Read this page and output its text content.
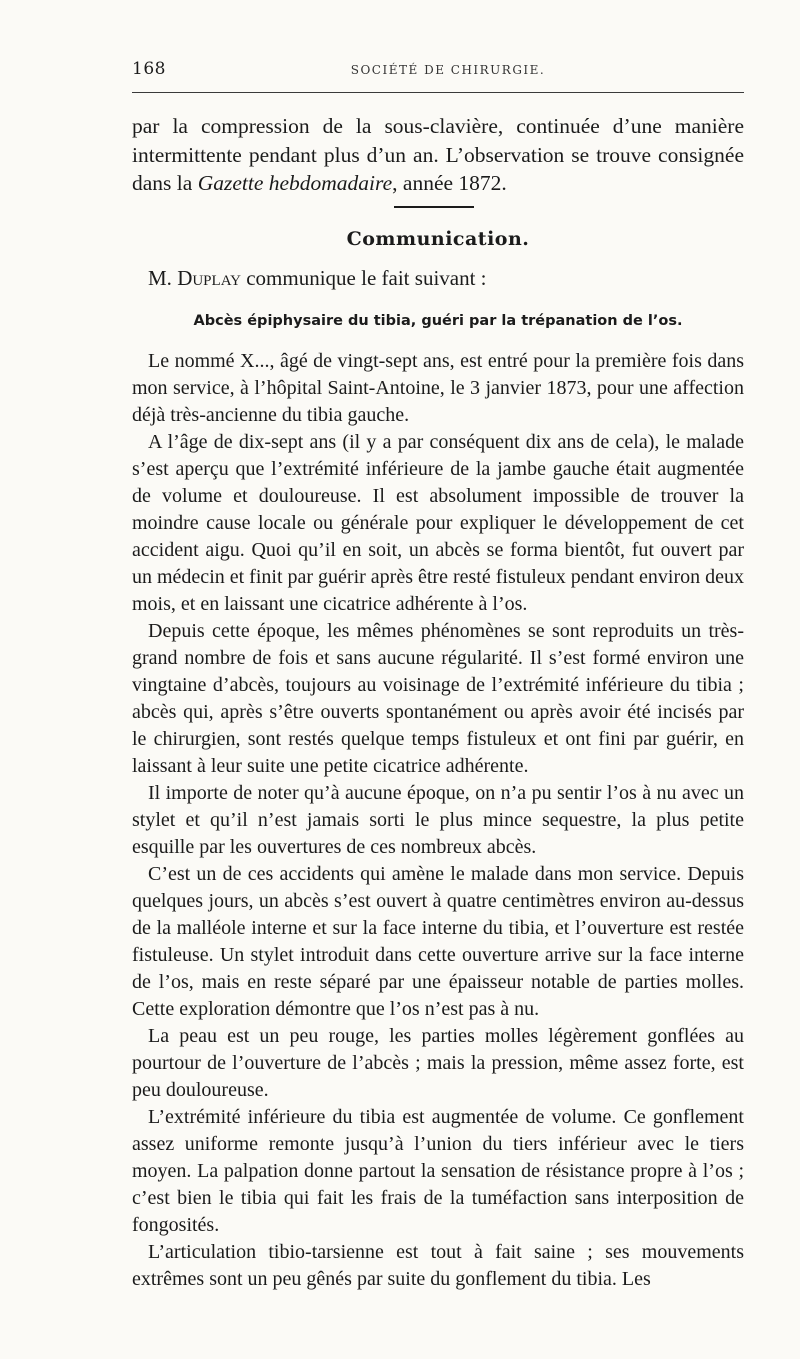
168	SOCIÉTÉ DE CHIRURGIE.

par la compression de la sous-clavière, continuée d’une manière intermittente pendant plus d’un an. L’observation se trouve consignée dans la Gazette hebdomadaire, année 1872.

Communication.
M. Duplay communique le fait suivant :
Abcès épiphysaire du tibia, guéri par la trépanation de l’os.

Le nommé X..., âgé de vingt-sept ans, est entré pour la première fois dans mon service, à l’hôpital Saint-Antoine, le 3 janvier 1873, pour une affection déjà très-ancienne du tibia gauche.

A l’âge de dix-sept ans (il y a par conséquent dix ans de cela), le malade s’est aperçu que l’extrémité inférieure de la jambe gauche était augmentée de volume et douloureuse. Il est absolument impossible de trouver la moindre cause locale ou générale pour expliquer le développement de cet accident aigu. Quoi qu’il en soit, un abcès se forma bientôt, fut ouvert par un médecin et finit par guérir après être resté fistuleux pendant environ deux mois, et en laissant une cicatrice adhérente à l’os.

Depuis cette époque, les mêmes phénomènes se sont reproduits un très-grand nombre de fois et sans aucune régularité. Il s’est formé environ une vingtaine d’abcès, toujours au voisinage de l’extrémité inférieure du tibia ; abcès qui, après s’être ouverts spontanément ou après avoir été incisés par le chirurgien, sont restés quelque temps fistuleux et ont fini par guérir, en laissant à leur suite une petite cicatrice adhérente.

Il importe de noter qu’à aucune époque, on n’a pu sentir l’os à nu avec un stylet et qu’il n’est jamais sorti le plus mince sequestre, la plus petite esquille par les ouvertures de ces nombreux abcès.

C’est un de ces accidents qui amène le malade dans mon service. Depuis quelques jours, un abcès s’est ouvert à quatre centimètres environ au-dessus de la malléole interne et sur la face interne du tibia, et l’ouverture est restée fistuleuse. Un stylet introduit dans cette ouverture arrive sur la face interne de l’os, mais en reste séparé par une épaisseur notable de parties molles. Cette exploration démontre que l’os n’est pas à nu.

La peau est un peu rouge, les parties molles légèrement gonflées au pourtour de l’ouverture de l’abcès ; mais la pression, même assez forte, est peu douloureuse.

L’extrémité inférieure du tibia est augmentée de volume. Ce gonflement assez uniforme remonte jusqu’à l’union du tiers inférieur avec le tiers moyen. La palpation donne partout la sensation de résistance propre à l’os ; c’est bien le tibia qui fait les frais de la tuméfaction sans interposition de fongosités.

L’articulation tibio-tarsienne est tout à fait saine ; ses mouvements extrêmes sont un peu gênés par suite du gonflement du tibia. Les
